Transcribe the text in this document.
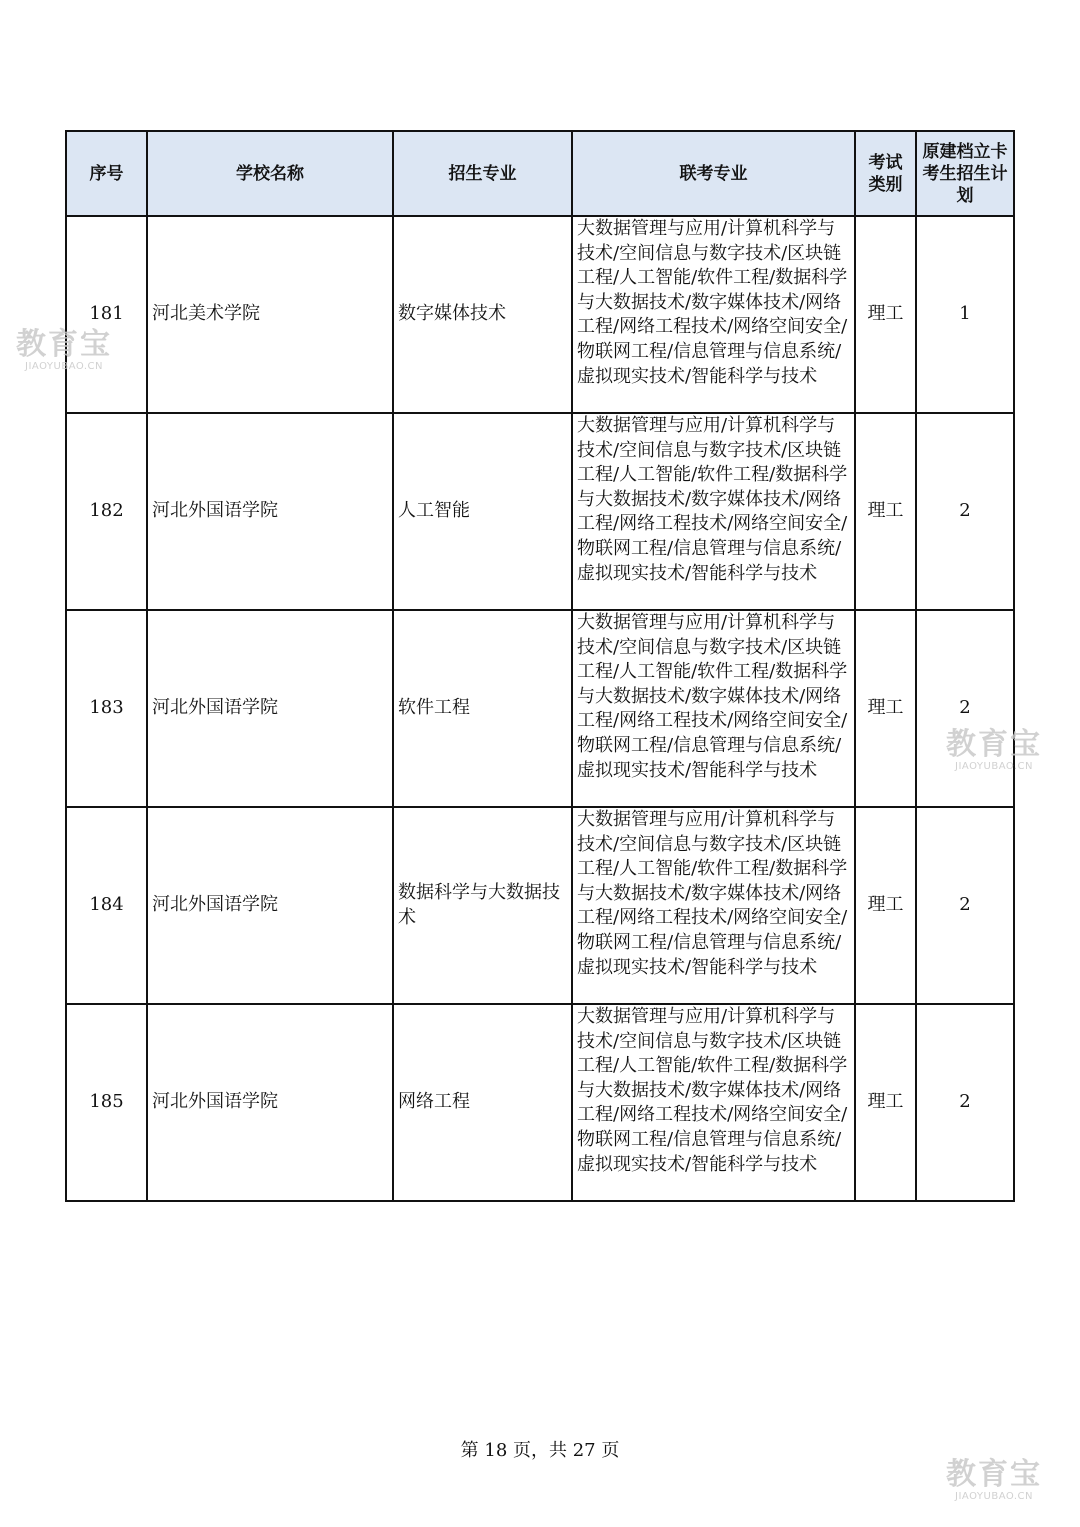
序号	学校名称	招生专业	联考专业	考试类别	原建档立卡考生招生计划
181	河北美术学院	数字媒体技术	大数据管理与应用/计算机科学与技术/空间信息与数字技术/区块链工程/人工智能/软件工程/数据科学与大数据技术/数字媒体技术/网络工程/网络工程技术/网络空间安全/物联网工程/信息管理与信息系统/虚拟现实技术/智能科学与技术	理工	1
182	河北外国语学院	人工智能	大数据管理与应用/计算机科学与技术/空间信息与数字技术/区块链工程/人工智能/软件工程/数据科学与大数据技术/数字媒体技术/网络工程/网络工程技术/网络空间安全/物联网工程/信息管理与信息系统/虚拟现实技术/智能科学与技术	理工	2
183	河北外国语学院	软件工程	大数据管理与应用/计算机科学与技术/空间信息与数字技术/区块链工程/人工智能/软件工程/数据科学与大数据技术/数字媒体技术/网络工程/网络工程技术/网络空间安全/物联网工程/信息管理与信息系统/虚拟现实技术/智能科学与技术	理工	2
184	河北外国语学院	数据科学与大数据技术	大数据管理与应用/计算机科学与技术/空间信息与数字技术/区块链工程/人工智能/软件工程/数据科学与大数据技术/数字媒体技术/网络工程/网络工程技术/网络空间安全/物联网工程/信息管理与信息系统/虚拟现实技术/智能科学与技术	理工	2
185	河北外国语学院	网络工程	大数据管理与应用/计算机科学与技术/空间信息与数字技术/区块链工程/人工智能/软件工程/数据科学与大数据技术/数字媒体技术/网络工程/网络工程技术/网络空间安全/物联网工程/信息管理与信息系统/虚拟现实技术/智能科学与技术	理工	2
第 18 页，共 27 页
教育宝
JIAOYUBAO.CN
教育宝
JIAOYUBAO.CN
教育宝
JIAOYUBAO.CN
